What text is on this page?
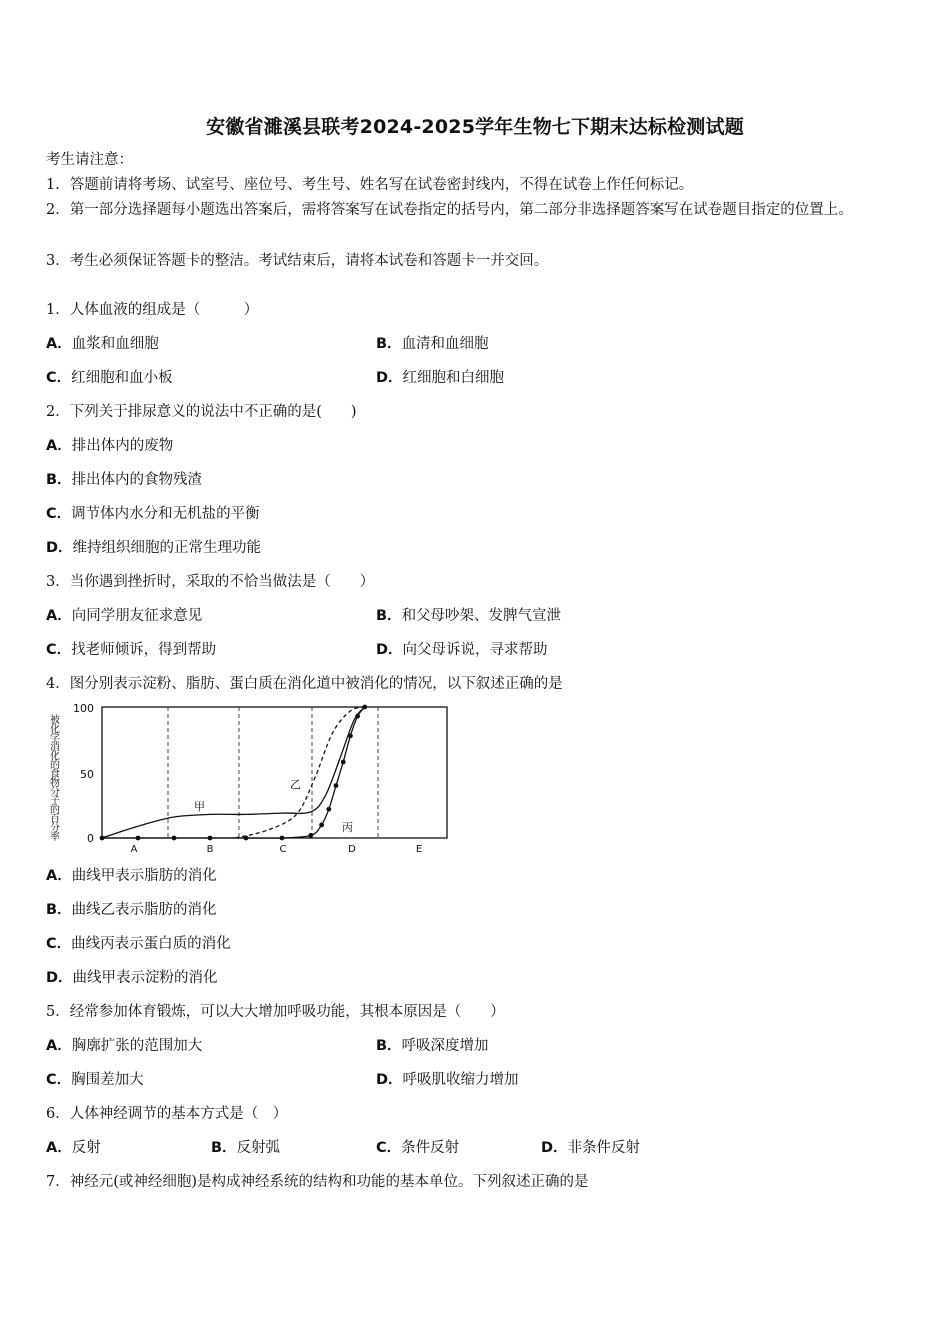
安徽省濉溪县联考2024-2025学年生物七下期末达标检测试题
考生请注意：
1．答题前请将考场、试室号、座位号、考生号、姓名写在试卷密封线内，不得在试卷上作任何标记。
2．第一部分选择题每小题选出答案后，需将答案写在试卷指定的括号内，第二部分非选择题答案写在试卷题目指定的位置上。
3．考生必须保证答题卡的整洁。考试结束后，请将本试卷和答题卡一并交回。
1．人体血液的组成是（　　　）
A．血浆和血细胞	B．血清和血细胞
C．红细胞和血小板	D．红细胞和白细胞
2．下列关于排尿意义的说法中不正确的是(　　)
A．排出体内的废物
B．排出体内的食物残渣
C．调节体内水分和无机盐的平衡
D．维持组织细胞的正常生理功能
3．当你遇到挫折时，采取的不恰当做法是（　　）
A．向同学朋友征求意见	B．和父母吵架、发脾气宣泄
C．找老师倾诉，得到帮助	D．向父母诉说，寻求帮助
4．图分别表示淀粉、脂肪、蛋白质在消化道中被消化的情况，以下叙述正确的是
被化学消化的食物分子的百分率
100
50
0
A	B	C	D	E
甲
乙
丙
A．曲线甲表示脂肪的消化
B．曲线乙表示脂肪的消化
C．曲线丙表示蛋白质的消化
D．曲线甲表示淀粉的消化
5．经常参加体育锻炼，可以大大增加呼吸功能，其根本原因是（　　）
A．胸廓扩张的范围加大	B．呼吸深度增加
C．胸围差加大	D．呼吸肌收缩力增加
6．人体神经调节的基本方式是（　）
A．反射	B．反射弧	C．条件反射	D．非条件反射
7．神经元(或神经细胞)是构成神经系统的结构和功能的基本单位。下列叙述正确的是
